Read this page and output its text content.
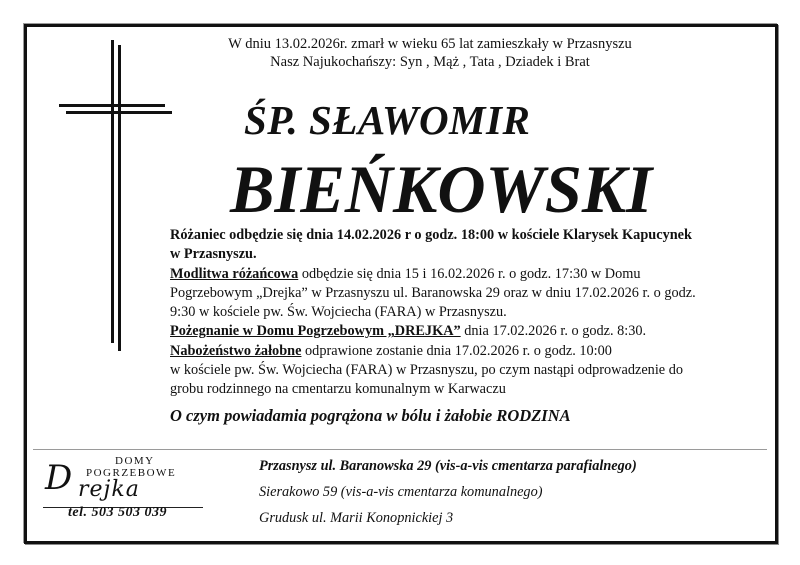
W dniu 13.02.2026r. zmarł w wieku 65 lat zamieszkały w Przasnyszu
Nasz Najukochańszy: Syn , Mąż , Tata , Dziadek i Brat
ŚP. SŁAWOMIR
BIEŃKOWSKI
Różaniec odbędzie się dnia 14.02.2026 r o godz. 18:00 w kościele Klarysek Kapucynek
w Przasnyszu.
Modlitwa różańcowa odbędzie się dnia 15 i 16.02.2026 r. o godz. 17:30 w Domu
Pogrzebowym „Drejka” w Przasnyszu ul. Baranowska 29 oraz w dniu 17.02.2026 r. o godz.
9:30 w kościele pw. Św. Wojciecha (FARA) w Przasnyszu.
Pożegnanie w Domu Pogrzebowym „DREJKA” dnia 17.02.2026 r. o godz. 8:30.
Nabożeństwo żałobne odprawione zostanie dnia 17.02.2026 r. o godz. 10:00
w kościele pw. Św. Wojciecha (FARA) w Przasnyszu, po czym nastąpi odprowadzenie do
grobu rodzinnego na cmentarzu komunalnym w Karwaczu
O czym powiadamia pogrążona w bólu i żałobie RODZINA
DOMY
POGRZEBOWE
D rejka
tel. 503 503 039
Przasnysz ul. Baranowska 29 (vis-a-vis cmentarza parafialnego)
Sierakowo 59 (vis-a-vis cmentarza komunalnego)
Grudusk ul. Marii Konopnickiej 3
